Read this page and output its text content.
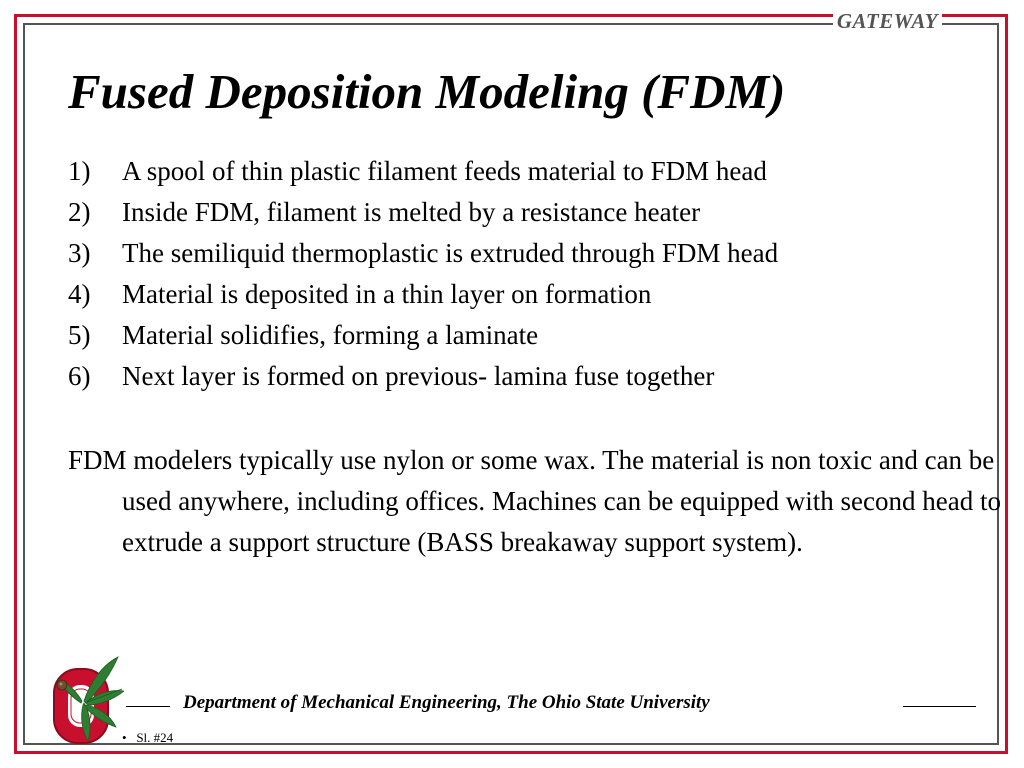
GATEWAY
Fused Deposition Modeling (FDM)
1)	A spool of thin plastic filament feeds material to FDM head
2)	Inside FDM, filament is melted by a resistance heater
3)	The semiliquid thermoplastic is extruded through FDM head
4)	Material is deposited in a thin layer on formation
5)	Material solidifies, forming a laminate
6)	Next layer is formed on previous- lamina fuse together

FDM modelers typically use nylon or some wax. The material is non toxic and can be used anywhere, including offices. Machines can be equipped with second head to extrude a support structure (BASS breakaway support system).

Department of Mechanical Engineering, The Ohio State University
• Sl. #24
